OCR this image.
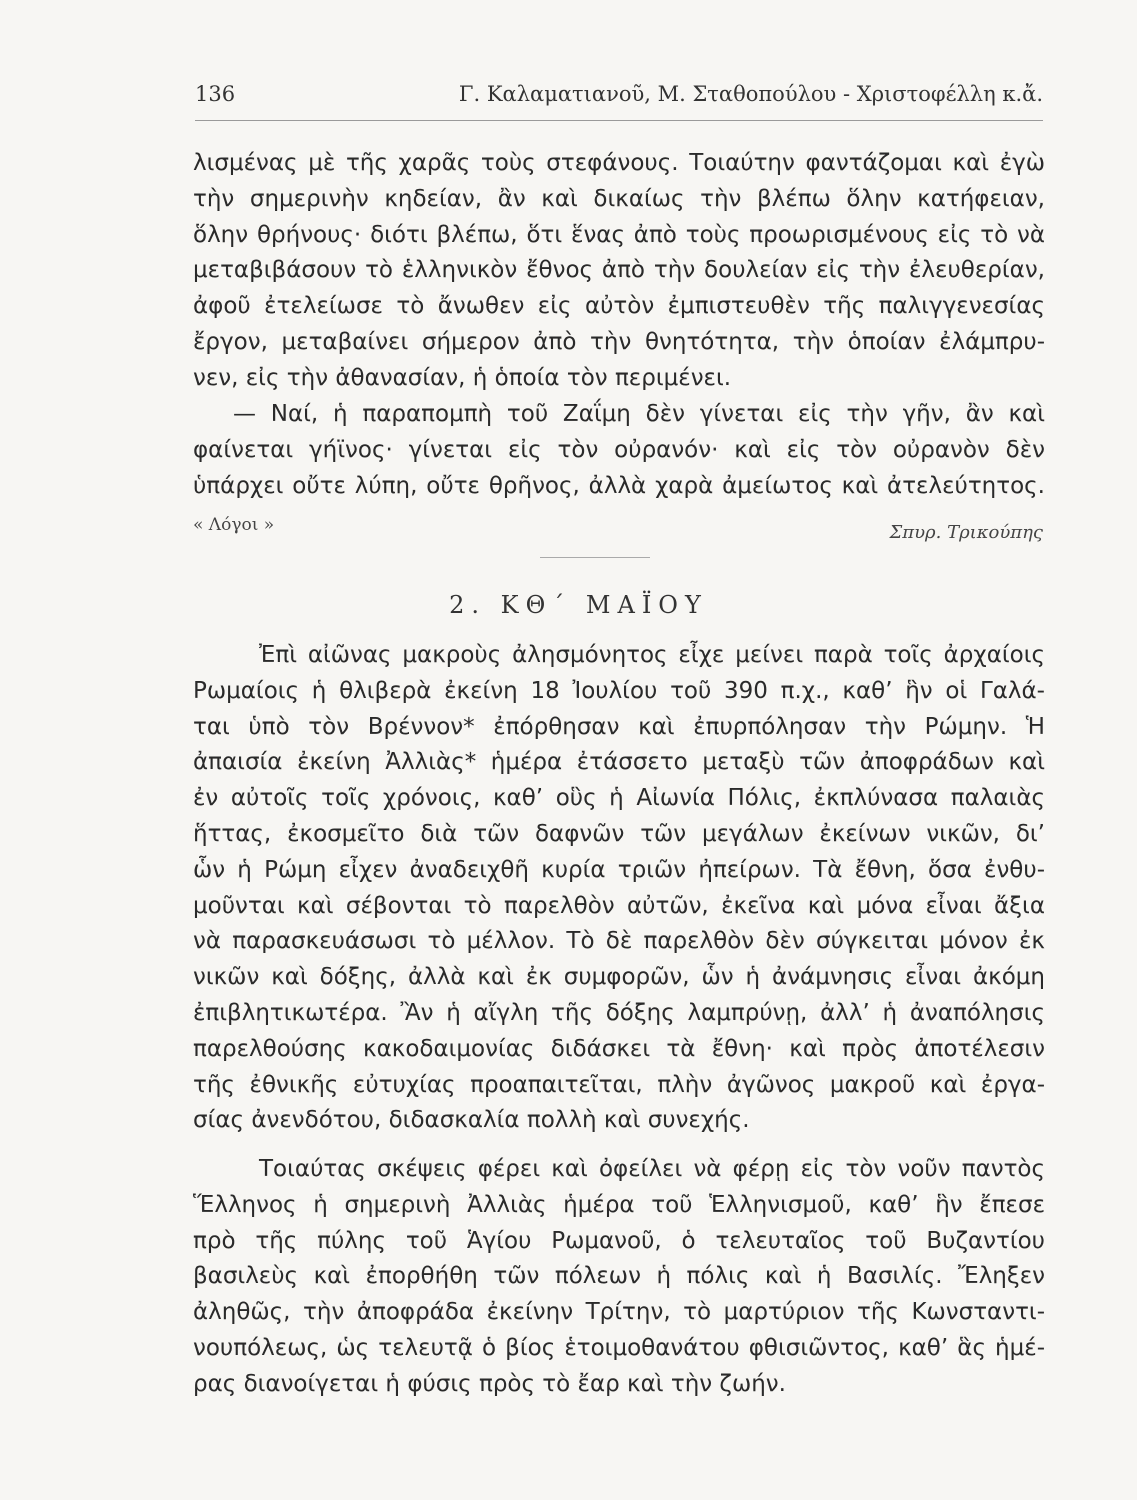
136	Γ. Καλαματιανοῦ, Μ. Σταθοπούλου - Χριστοφέλλη κ.ἄ.
λισμένας μὲ τῆς χαρᾶς τοὺς στεφάνους. Τοιαύτην φαντάζομαι καὶ ἐγὼ
τὴν σημερινὴν κηδείαν, ἂν καὶ δικαίως τὴν βλέπω ὅλην κατήφειαν,
ὅλην θρήνους· διότι βλέπω, ὅτι ἕνας ἀπὸ τοὺς προωρισμένους εἰς τὸ νὰ
μεταβιβάσουν τὸ ἑλληνικὸν ἔθνος ἀπὸ τὴν δουλείαν εἰς τὴν ἐλευθερίαν,
ἀφοῦ ἐτελείωσε τὸ ἄνωθεν εἰς αὐτὸν ἐμπιστευθὲν τῆς παλιγγενεσίας
ἔργον, μεταβαίνει σήμερον ἀπὸ τὴν θνητότητα, τὴν ὁποίαν ἐλάμπρυ-
νεν, εἰς τὴν ἀθανασίαν, ἡ ὁποία τὸν περιμένει.
— Ναί, ἡ παραπομπὴ τοῦ Ζαΐμη δὲν γίνεται εἰς τὴν γῆν, ἂν καὶ
φαίνεται γήϊνος· γίνεται εἰς τὸν οὐρανόν· καὶ εἰς τὸν οὐρανὸν δὲν
ὑπάρχει οὔτε λύπη, οὔτε θρῆνος, ἀλλὰ χαρὰ ἀμείωτος καὶ ἀτελεύτητος.
« Λόγοι »	Σπυρ. Τρικούπης
2. ΚΘ΄ ΜΑΪΟΥ
Ἐπὶ αἰῶνας μακροὺς ἀλησμόνητος εἶχε μείνει παρὰ τοῖς ἀρχαίοις
Ρωμαίοις ἡ θλιβερὰ ἐκείνη 18 Ἰουλίου τοῦ 390 π.χ., καθ’ ἣν οἱ Γαλά-
ται ὑπὸ τὸν Βρέννον* ἐπόρθησαν καὶ ἐπυρπόλησαν τὴν Ρώμην. Ἡ
ἀπαισία ἐκείνη Ἀλλιὰς* ἡμέρα ἐτάσσετο μεταξὺ τῶν ἀποφράδων καὶ
ἐν αὐτοῖς τοῖς χρόνοις, καθ’ οὓς ἡ Αἰωνία Πόλις, ἐκπλύνασα παλαιὰς
ἥττας, ἐκοσμεῖτο διὰ τῶν δαφνῶν τῶν μεγάλων ἐκείνων νικῶν, δι’
ὧν ἡ Ρώμη εἶχεν ἀναδειχθῆ κυρία τριῶν ἠπείρων. Τὰ ἔθνη, ὅσα ἐνθυ-
μοῦνται καὶ σέβονται τὸ παρελθὸν αὐτῶν, ἐκεῖνα καὶ μόνα εἶναι ἄξια
νὰ παρασκευάσωσι τὸ μέλλον. Τὸ δὲ παρελθὸν δὲν σύγκειται μόνον ἐκ
νικῶν καὶ δόξης, ἀλλὰ καὶ ἐκ συμφορῶν, ὧν ἡ ἀνάμνησις εἶναι ἀκόμη
ἐπιβλητικωτέρα. Ἂν ἡ αἴγλη τῆς δόξης λαμπρύνῃ, ἀλλ’ ἡ ἀναπόλησις
παρελθούσης κακοδαιμονίας διδάσκει τὰ ἔθνη· καὶ πρὸς ἀποτέλεσιν
τῆς ἐθνικῆς εὐτυχίας προαπαιτεῖται, πλὴν ἀγῶνος μακροῦ καὶ ἐργα-
σίας ἀνενδότου, διδασκαλία πολλὴ καὶ συνεχής.
Τοιαύτας σκέψεις φέρει καὶ ὀφείλει νὰ φέρῃ εἰς τὸν νοῦν παντὸς
Ἕλληνος ἡ σημερινὴ Ἀλλιὰς ἡμέρα τοῦ Ἑλληνισμοῦ, καθ’ ἣν ἔπεσε
πρὸ τῆς πύλης τοῦ Ἁγίου Ρωμανοῦ, ὁ τελευταῖος τοῦ Βυζαντίου
βασιλεὺς καὶ ἐπορθήθη τῶν πόλεων ἡ πόλις καὶ ἡ Βασιλίς. Ἔληξεν
ἀληθῶς, τὴν ἀποφράδα ἐκείνην Τρίτην, τὸ μαρτύριον τῆς Κωνσταντι-
νουπόλεως, ὡς τελευτᾷ ὁ βίος ἑτοιμοθανάτου φθισιῶντος, καθ’ ἃς ἡμέ-
ρας διανοίγεται ἡ φύσις πρὸς τὸ ἔαρ καὶ τὴν ζωήν.
